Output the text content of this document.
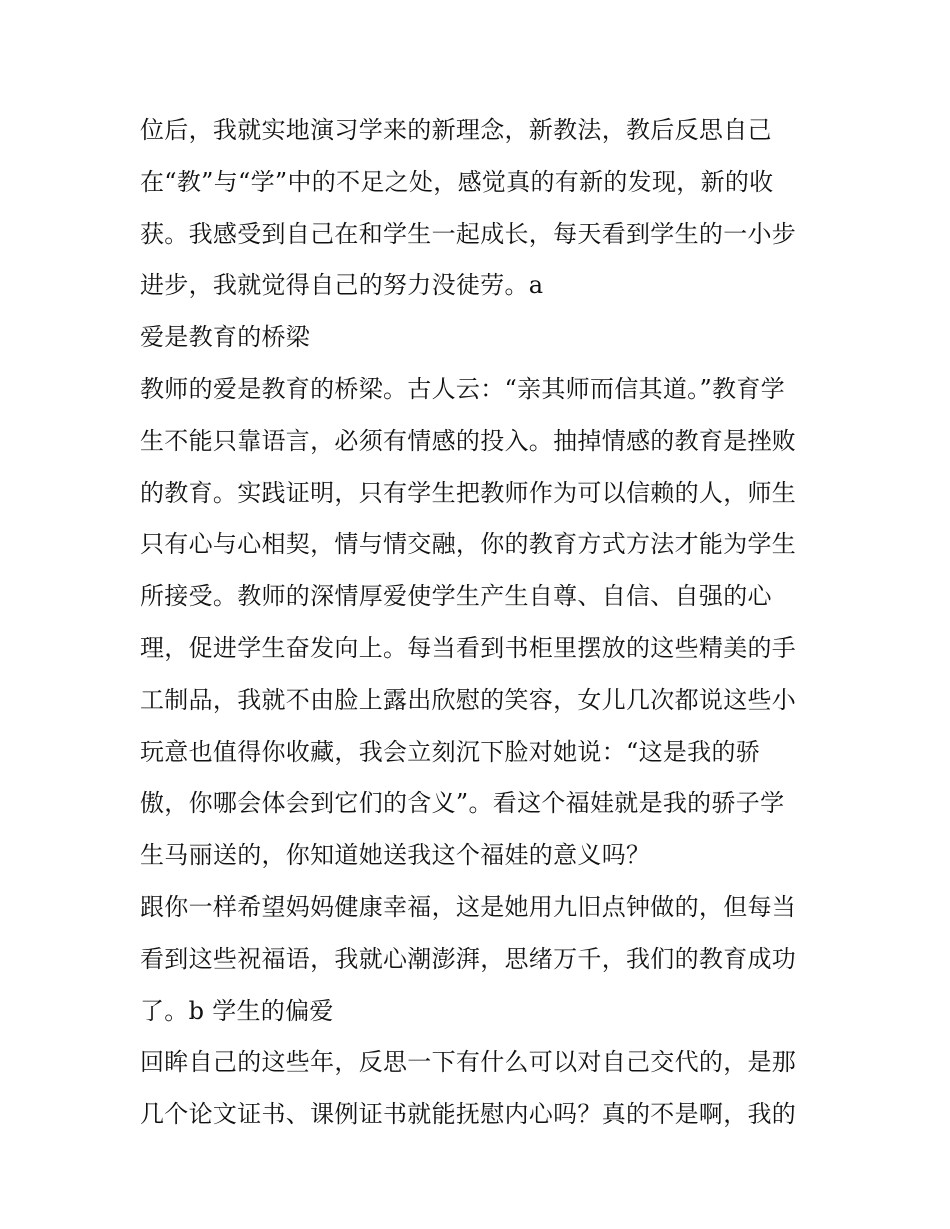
位后，我就实地演习学来的新理念，新教法，教后反思自己
在“教”与“学”中的不足之处，感觉真的有新的发现，新的收
获。我感受到自己在和学生一起成长，每天看到学生的一小步
进步，我就觉得自己的努力没徒劳。a
爱是教育的桥梁
教师的爱是教育的桥梁。古人云：“亲其师而信其道。”教育学
生不能只靠语言，必须有情感的投入。抽掉情感的教育是挫败
的教育。实践证明，只有学生把教师作为可以信赖的人，师生
只有心与心相契，情与情交融，你的教育方式方法才能为学生
所接受。教师的深情厚爱使学生产生自尊、自信、自强的心
理，促进学生奋发向上。每当看到书柜里摆放的这些精美的手
工制品，我就不由脸上露出欣慰的笑容，女儿几次都说这些小
玩意也值得你收藏，我会立刻沉下脸对她说：“这是我的骄
傲，你哪会体会到它们的含义”。看这个福娃就是我的骄子学
生马丽送的，你知道她送我这个福娃的意义吗？
跟你一样希望妈妈健康幸福，这是她用九旧点钟做的，但每当
看到这些祝福语，我就心潮澎湃，思绪万千，我们的教育成功
了。b 学生的偏爱
回眸自己的这些年，反思一下有什么可以对自己交代的，是那
几个论文证书、课例证书就能抚慰内心吗？真的不是啊，我的
